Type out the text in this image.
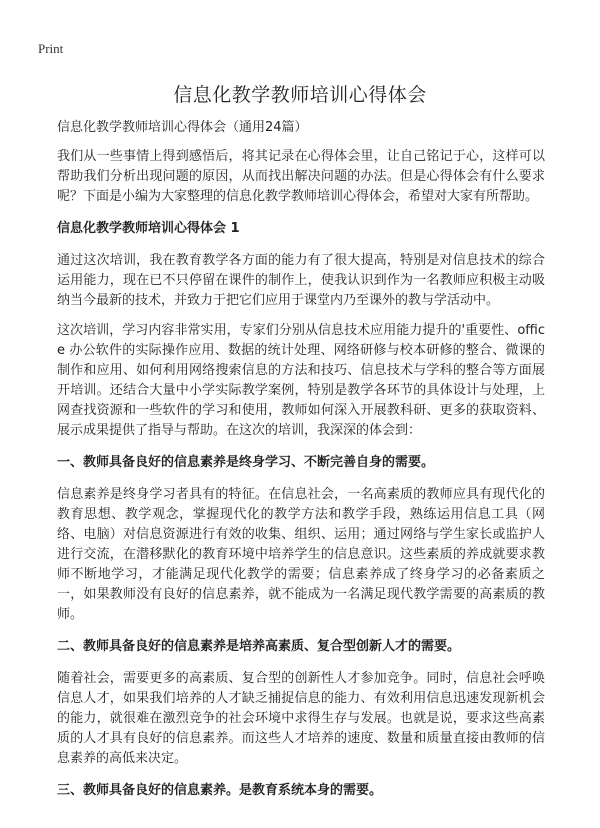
Print
信息化教学教师培训心得体会

信息化教学教师培训心得体会（通用24篇）

我们从一些事情上得到感悟后，将其记录在心得体会里，让自己铭记于心，这样可以帮助我们分析出现问题的原因，从而找出解决问题的办法。但是心得体会有什么要求呢？下面是小编为大家整理的信息化教学教师培训心得体会，希望对大家有所帮助。

信息化教学教师培训心得体会 1

通过这次培训，我在教育教学各方面的能力有了很大提高，特别是对信息技术的综合运用能力，现在已不只停留在课件的制作上，使我认识到作为一名教师应积极主动吸纳当今最新的技术，并致力于把它们应用于课堂内乃至课外的教与学活动中。

这次培训，学习内容非常实用，专家们分别从信息技术应用能力提升的'重要性、office 办公软件的实际操作应用、数据的统计处理、网络研修与校本研修的整合、微课的制作和应用、如何利用网络搜索信息的方法和技巧、信息技术与学科的整合等方面展开培训。还结合大量中小学实际教学案例，特别是教学各环节的具体设计与处理，上网查找资源和一些软件的学习和使用，教师如何深入开展教科研、更多的获取资料、展示成果提供了指导与帮助。在这次的培训，我深深的体会到：

一、教师具备良好的信息素养是终身学习、不断完善自身的需要。

信息素养是终身学习者具有的特征。在信息社会，一名高素质的教师应具有现代化的教育思想、教学观念，掌握现代化的教学方法和教学手段，熟练运用信息工具（网络、电脑）对信息资源进行有效的收集、组织、运用；通过网络与学生家长或监护人进行交流，在潜移默化的教育环境中培养学生的信息意识。这些素质的养成就要求教师不断地学习，才能满足现代化教学的需要；信息素养成了终身学习的必备素质之一，如果教师没有良好的信息素养，就不能成为一名满足现代教学需要的高素质的教师。

二、教师具备良好的信息素养是培养高素质、复合型创新人才的需要。

随着社会，需要更多的高素质、复合型的创新性人才参加竞争。同时，信息社会呼唤信息人才，如果我们培养的人才缺乏捕捉信息的能力、有效利用信息迅速发现新机会的能力，就很难在激烈竞争的社会环境中求得生存与发展。也就是说，要求这些高素质的人才具有良好的信息素养。而这些人才培养的速度、数量和质量直接由教师的信息素养的高低来决定。

三、教师具备良好的信息素养。是教育系统本身的需要。
